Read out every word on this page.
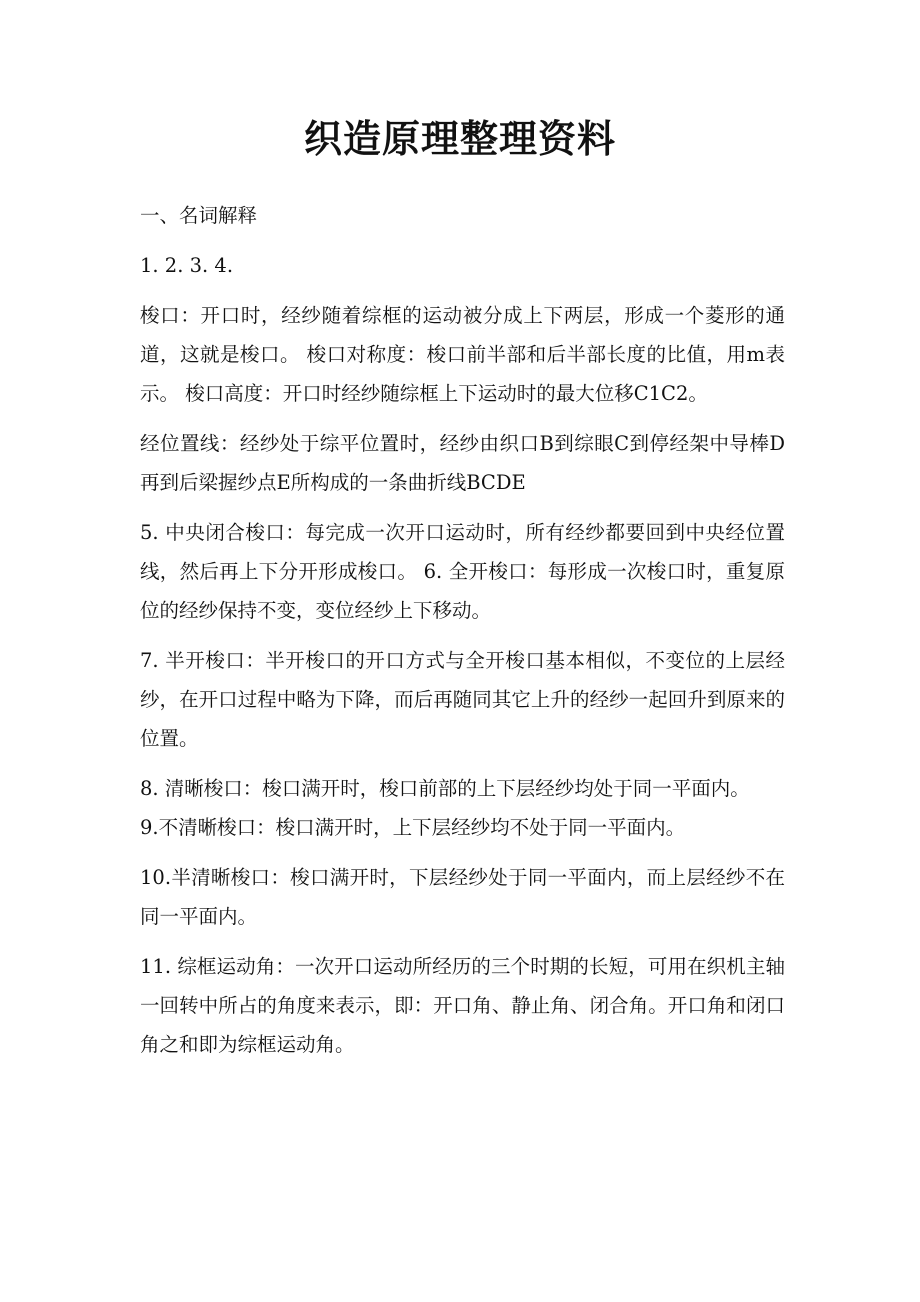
织造原理整理资料

一、名词解释

1. 2. 3. 4.

梭口：开口时，经纱随着综框的运动被分成上下两层，形成一个菱形的通道，这就是梭口。 梭口对称度：梭口前半部和后半部长度的比值，用m表示。 梭口高度：开口时经纱随综框上下运动时的最大位移C1C2。

经位置线：经纱处于综平位置时，经纱由织口B到综眼C到停经架中导棒D再到后梁握纱点E所构成的一条曲折线BCDE

5. 中央闭合梭口：每完成一次开口运动时，所有经纱都要回到中央经位置线，然后再上下分开形成梭口。 6. 全开梭口：每形成一次梭口时，重复原位的经纱保持不变，变位经纱上下移动。

7. 半开梭口：半开梭口的开口方式与全开梭口基本相似，不变位的上层经纱，在开口过程中略为下降，而后再随同其它上升的经纱一起回升到原来的位置。

8. 清晰梭口：梭口满开时，梭口前部的上下层经纱均处于同一平面内。

9.不清晰梭口：梭口满开时，上下层经纱均不处于同一平面内。

10.半清晰梭口：梭口满开时，下层经纱处于同一平面内，而上层经纱不在同一平面内。

11. 综框运动角：一次开口运动所经历的三个时期的长短，可用在织机主轴一回转中所占的角度来表示，即：开口角、静止角、闭合角。开口角和闭口角之和即为综框运动角。
